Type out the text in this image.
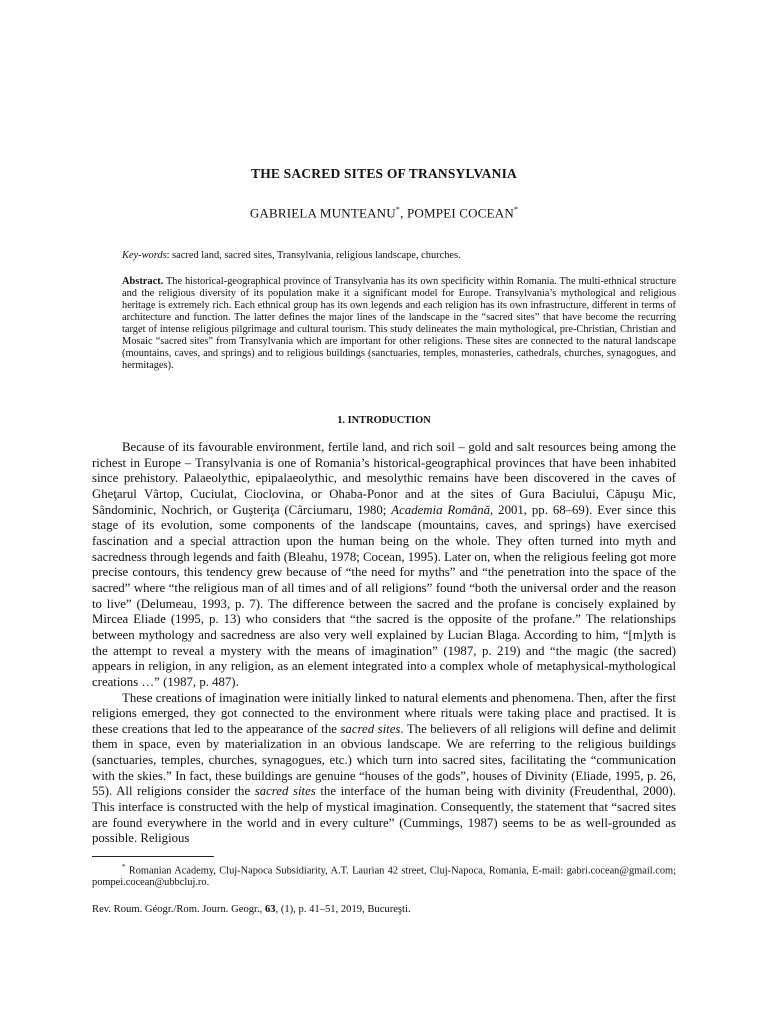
THE SACRED SITES OF TRANSYLVANIA
GABRIELA MUNTEANU*, POMPEI COCEAN*
Key-words: sacred land, sacred sites, Transylvania, religious landscape, churches.
Abstract. The historical-geographical province of Transylvania has its own specificity within Romania. The multi-ethnical structure and the religious diversity of its population make it a significant model for Europe. Transylvania’s mythological and religious heritage is extremely rich. Each ethnical group has its own legends and each religion has its own infrastructure, different in terms of architecture and function. The latter defines the major lines of the landscape in the “sacred sites” that have become the recurring target of intense religious pilgrimage and cultural tourism. This study delineates the main mythological, pre-Christian, Christian and Mosaic “sacred sites” from Transylvania which are important for other religions. These sites are connected to the natural landscape (mountains, caves, and springs) and to religious buildings (sanctuaries, temples, monasteries, cathedrals, churches, synagogues, and hermitages).
1. INTRODUCTION

Because of its favourable environment, fertile land, and rich soil – gold and salt resources being among the richest in Europe – Transylvania is one of Romania’s historical-geographical provinces that have been inhabited since prehistory. Palaeolythic, epipalaeolythic, and mesolythic remains have been discovered in the caves of Gheţarul Vârtop, Cuciulat, Cioclovina, or Ohaba-Ponor and at the sites of Gura Baciului, Căpuşu Mic, Sândominic, Nochrich, or Guşteriţa (Cârciumaru, 1980; Academia Română, 2001, pp. 68–69). Ever since this stage of its evolution, some components of the landscape (mountains, caves, and springs) have exercised fascination and a special attraction upon the human being on the whole. They often turned into myth and sacredness through legends and faith (Bleahu, 1978; Cocean, 1995). Later on, when the religious feeling got more precise contours, this tendency grew because of “the need for myths” and “the penetration into the space of the sacred” where “the religious man of all times and of all religions” found “both the universal order and the reason to live” (Delumeau, 1993, p. 7). The difference between the sacred and the profane is concisely explained by Mircea Eliade (1995, p. 13) who considers that “the sacred is the opposite of the profane.” The relationships between mythology and sacredness are also very well explained by Lucian Blaga. According to him, “[m]yth is the attempt to reveal a mystery with the means of imagination” (1987, p. 219) and “the magic (the sacred) appears in religion, in any religion, as an element integrated into a complex whole of metaphysical-mythological creations …” (1987, p. 487).

These creations of imagination were initially linked to natural elements and phenomena. Then, after the first religions emerged, they got connected to the environment where rituals were taking place and practised. It is these creations that led to the appearance of the sacred sites. The believers of all religions will define and delimit them in space, even by materialization in an obvious landscape. We are referring to the religious buildings (sanctuaries, temples, churches, synagogues, etc.) which turn into sacred sites, facilitating the “communication with the skies.” In fact, these buildings are genuine “houses of the gods”, houses of Divinity (Eliade, 1995, p. 26, 55). All religions consider the sacred sites the interface of the human being with divinity (Freudenthal, 2000). This interface is constructed with the help of mystical imagination. Consequently, the statement that “sacred sites are found everywhere in the world and in every culture” (Cummings, 1987) seems to be as well-grounded as possible. Religious

* Romanian Academy, Cluj-Napoca Subsidiarity, A.T. Laurian 42 street, Cluj-Napoca, Romania, E-mail: gabri.cocean@gmail.com; pompei.cocean@ubbcluj.ro.
Rev. Roum. Géogr./Rom. Journ. Geogr., 63, (1), p. 41–51, 2019, Bucureşti.
